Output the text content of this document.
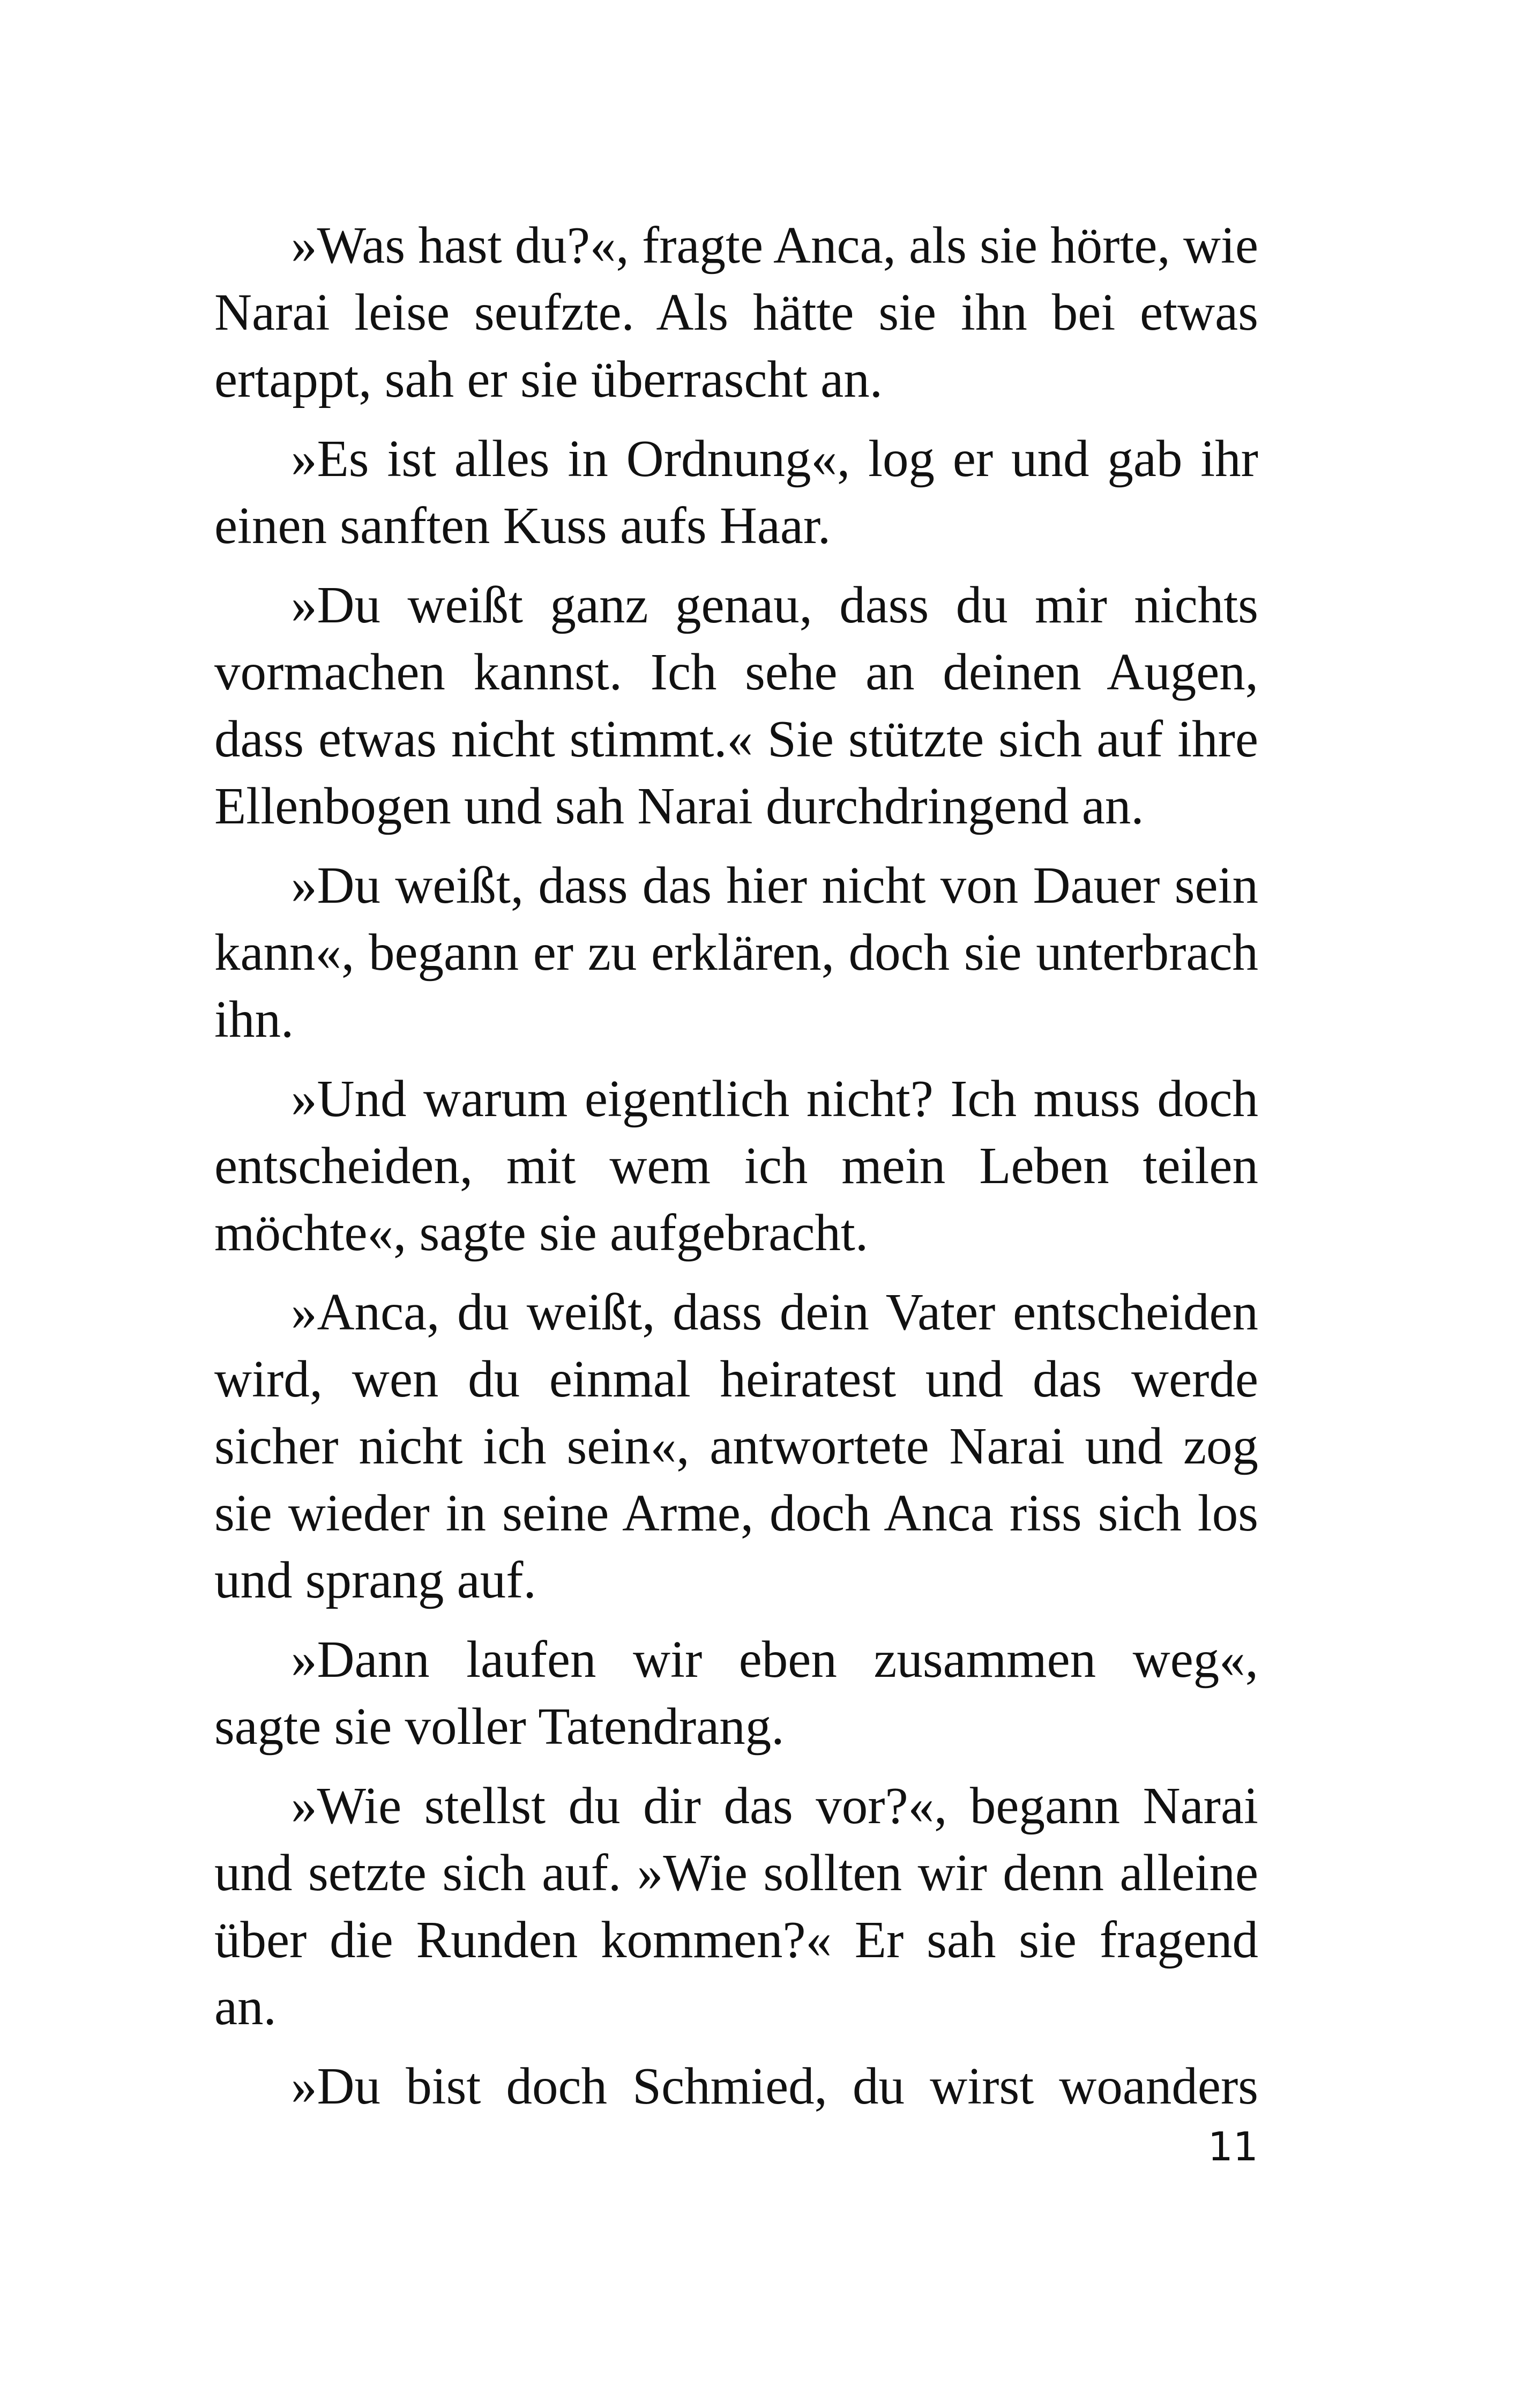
»Was hast du?«, fragte Anca, als sie hörte, wie Narai leise seufzte. Als hätte sie ihn bei etwas ertappt, sah er sie überrascht an.

»Es ist alles in Ordnung«, log er und gab ihr einen sanften Kuss aufs Haar.

»Du weißt ganz genau, dass du mir nichts vormachen kannst. Ich sehe an deinen Augen, dass etwas nicht stimmt.« Sie stützte sich auf ihre Ellenbogen und sah Narai durchdringend an.

»Du weißt, dass das hier nicht von Dauer sein kann«, begann er zu erklären, doch sie unterbrach ihn.

»Und warum eigentlich nicht? Ich muss doch entscheiden, mit wem ich mein Leben teilen möchte«, sagte sie aufgebracht.

»Anca, du weißt, dass dein Vater entscheiden wird, wen du einmal heiratest und das werde sicher nicht ich sein«, antwortete Narai und zog sie wieder in seine Arme, doch Anca riss sich los und sprang auf.

»Dann laufen wir eben zusammen weg«, sagte sie voller Tatendrang.

»Wie stellst du dir das vor?«, begann Narai und setzte sich auf. »Wie sollten wir denn alleine über die Runden kommen?« Er sah sie fragend an.

»Du bist doch Schmied, du wirst woanders

11
